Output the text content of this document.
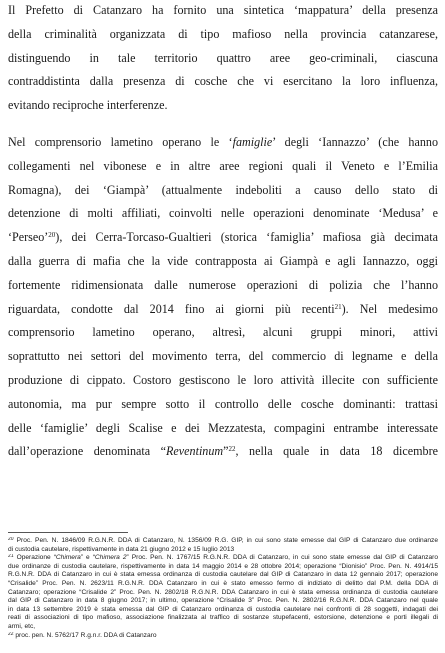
Il Prefetto di Catanzaro ha fornito una sintetica ‘mappatura’ della presenza
della criminalità organizzata di tipo mafioso nella provincia catanzarese,
distinguendo in tale territorio quattro aree geo-criminali, ciascuna
contraddistinta dalla presenza di cosche che vi esercitano la loro influenza,
evitando reciproche interferenze.
Nel comprensorio lametino operano le ‘famiglie’ degli ‘Iannazzo’ (che hanno
collegamenti nel vibonese e in altre aree regioni quali il Veneto e l’Emilia
Romagna), dei ‘Giampà’ (attualmente indeboliti a causo dello stato di
detenzione di molti affiliati, coinvolti nelle operazioni denominate ‘Medusa’ e
‘Perseo’$^{20}$), dei Cerra-Torcaso-Gualtieri (storica ‘famiglia’ mafiosa già decimata
dalla guerra di mafia che la vide contrapposta ai Giampà e agli Iannazzo, oggi
fortemente ridimensionata dalle numerose operazioni di polizia che l’hanno
riguardata, condotte dal 2014 fino ai giorni più recenti$^{21}$). Nel medesimo
comprensorio lametino operano, altresì, alcuni gruppi minori, attivi
soprattutto nei settori del movimento terra, del commercio di legname e della
produzione di cippato. Costoro gestiscono le loro attività illecite con sufficiente
autonomia, ma pur sempre sotto il controllo delle cosche dominanti: trattasi
delle ‘famiglie’ degli Scalise e dei Mezzatesta, compagini entrambe interessate
dall’operazione denominata “Reventinum”$^{22}$, nella quale in data 18 dicembre
$^{20}$ Proc. Pen. N. 1846/09 R.G.N.R. DDA di Catanzaro, N. 1356/09 R.G. GIP, in cui sono state emesse dal GIP di Catanzaro due ordinanze
di custodia cautelare, rispettivamente in data 21 giugno 2012 e 15 luglio 2013
$^{21}$ Operazione “Chimera” e “Chimera 2” Proc. Pen. N. 1767/15 R.G.N.R. DDA di Catanzaro, in cui sono state emesse dal GIP di Catanzaro
due ordinanze di custodia cautelare, rispettivamente in data 14 maggio 2014 e 28 ottobre 2014; operazione “Dionisio” Proc. Pen. N. 4914/15
R.G.N.R. DDA di Catanzaro in cui è stata emessa ordinanza di custodia cautelare dal GIP di Catanzaro in data 12 gennaio 2017; operazione
“Crisalide” Proc. Pen. N. 2623/11 R.G.N.R. DDA Catanzaro in cui è stato emesso fermo di indiziato di delitto dal P.M. della DDA di
Catanzaro; operazione “Crisalide 2” Proc. Pen. N. 2802/18 R.G.N.R. DDA Catanzaro in cui è stata emessa ordinanza di custodia cautelare
dal GIP di Catanzaro in data 8 giugno 2017; in ultimo, operazione “Crisalide 3” Proc. Pen. N. 2802/16 R.G.N.R. DDA Catanzaro nel quale
in data 13 settembre 2019 è stata emessa dal GIP di Catanzaro ordinanza di custodia cautelare nei confronti di 28 soggetti, indagati dei
reati di associazioni di tipo mafioso, associazione finalizzata al traffico di sostanze stupefacenti, estorsione, detenzione e porti illegali di
armi, etc,
$^{22}$ proc. pen. N. 5762/17 R.g.n.r. DDA di Catanzaro
